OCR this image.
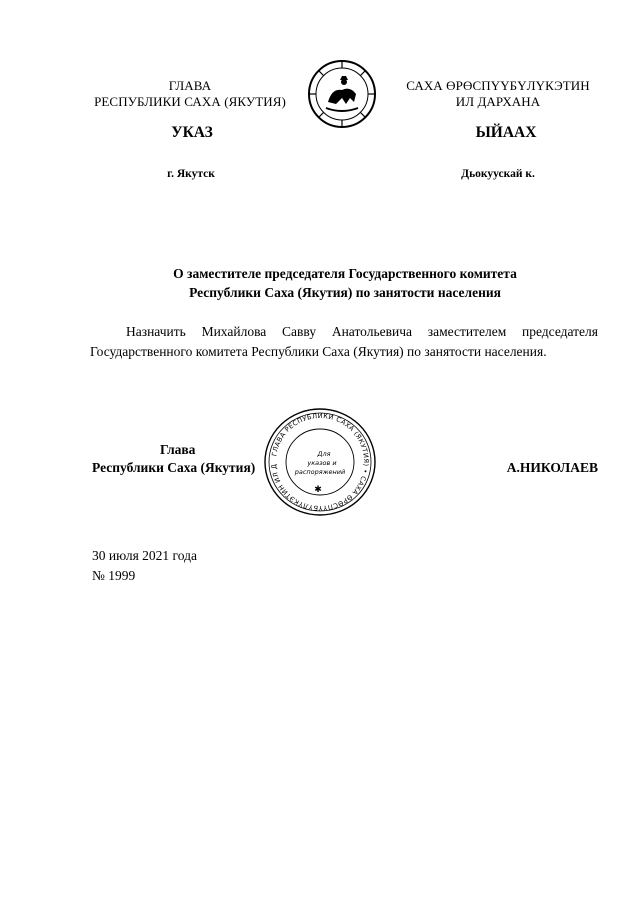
ГЛАВА
РЕСПУБЛИКИ САХА (ЯКУТИЯ)
САХА ӨРӨСПҮҮБҮЛҮКЭТИН
ИЛ ДАРХАНА
УКАЗ	ЫЙААХ
г. Якутск	Дьокуускай к.
О заместителе председателя Государственного комитета
Республики Саха (Якутия) по занятости населения
Назначить Михайлова Савву Анатольевича заместителем председателя Государственного комитета Республики Саха (Якутия) по занятости населения.
Глава
Республики Саха (Якутия)
ГЛАВА РЕСПУБЛИКИ САХА (ЯКУТИЯ) • САХА ӨРӨСПҮҮБҮЛҮКЭТИН ИЛ Д
Для
указов и
распоряжений
✱
А.НИКОЛАЕВ
30 июля 2021 года
№ 1999
